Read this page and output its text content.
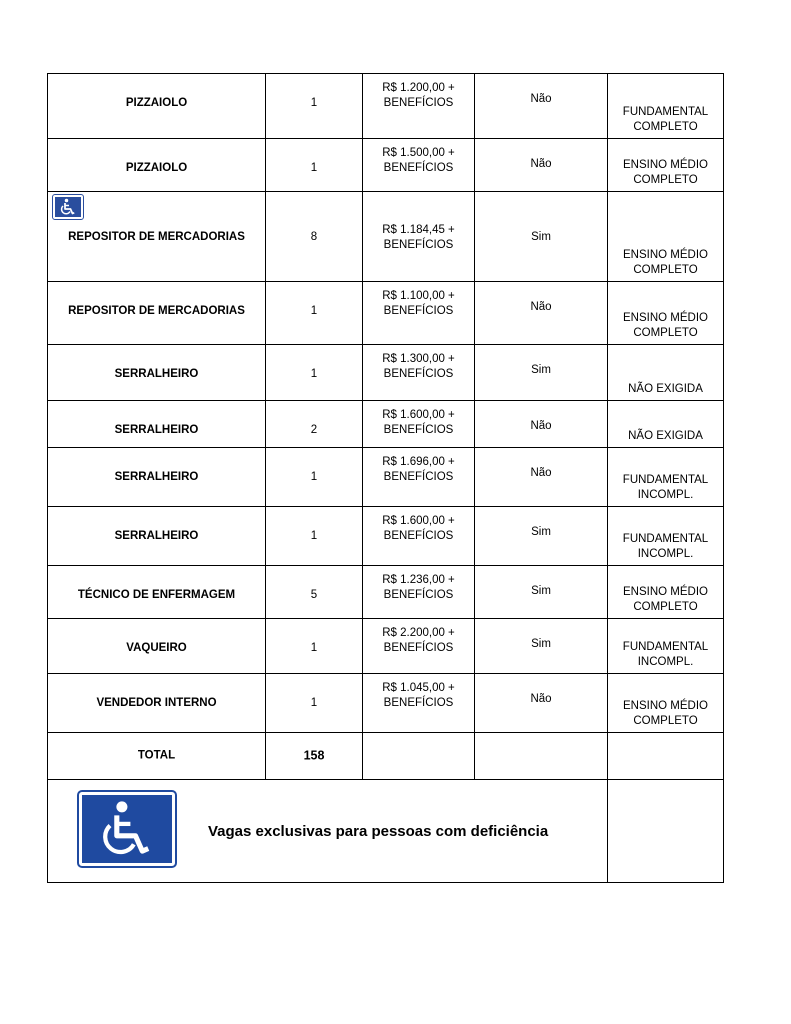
PIZZAIOLO	1	R$ 1.200,00 +
BENEFÍCIOS	Não	FUNDAMENTAL
COMPLETO

PIZZAIOLO	1	R$ 1.500,00 +
BENEFÍCIOS	Não	ENSINO MÉDIO
COMPLETO

REPOSITOR DE MERCADORIAS	8	R$ 1.184,45 +
BENEFÍCIOS	Sim	ENSINO MÉDIO
COMPLETO

REPOSITOR DE MERCADORIAS	1	R$ 1.100,00 +
BENEFÍCIOS	Não	ENSINO MÉDIO
COMPLETO

SERRALHEIRO	1	R$ 1.300,00 +
BENEFÍCIOS	Sim	NÃO EXIGIDA

SERRALHEIRO	2	R$ 1.600,00 +
BENEFÍCIOS	Não	NÃO EXIGIDA

SERRALHEIRO	1	R$ 1.696,00 +
BENEFÍCIOS	Não	FUNDAMENTAL
INCOMPL.

SERRALHEIRO	1	R$ 1.600,00 +
BENEFÍCIOS	Sim	FUNDAMENTAL
INCOMPL.

TÉCNICO DE ENFERMAGEM	5	R$ 1.236,00 +
BENEFÍCIOS	Sim	ENSINO MÉDIO
COMPLETO

VAQUEIRO	1	R$ 2.200,00 +
BENEFÍCIOS	Sim	FUNDAMENTAL
INCOMPL.

VENDEDOR INTERNO	1	R$ 1.045,00 +
BENEFÍCIOS	Não	ENSINO MÉDIO
COMPLETO

TOTAL	158			

Vagas exclusivas para pessoas com deficiência				
